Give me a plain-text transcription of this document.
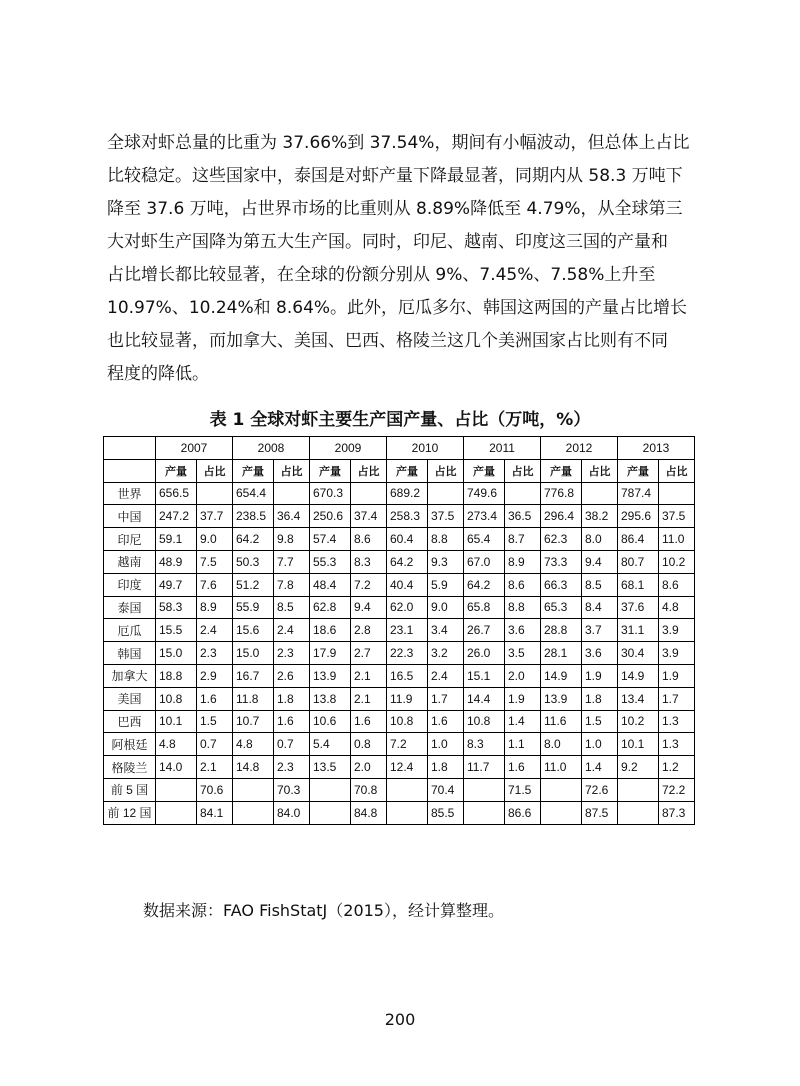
全球对虾总量的比重为 37.66%到 37.54%，期间有小幅波动，但总体上占比
比较稳定。这些国家中，泰国是对虾产量下降最显著，同期内从 58.3 万吨下
降至 37.6 万吨，占世界市场的比重则从 8.89%降低至 4.79%，从全球第三
大对虾生产国降为第五大生产国。同时，印尼、越南、印度这三国的产量和
占比增长都比较显著，在全球的份额分别从 9%、7.45%、7.58%上升至
10.97%、10.24%和 8.64%。此外，厄瓜多尔、韩国这两国的产量占比增长
也比较显著，而加拿大、美国、巴西、格陵兰这几个美洲国家占比则有不同
程度的降低。
表 1 全球对虾主要生产国产量、占比（万吨，%）
	2007		2008		2009		2010		2011		2012		2013	
	产量	占比	产量	占比	产量	占比	产量	占比	产量	占比	产量	占比	产量	占比
世界	656.5		654.4		670.3		689.2		749.6		776.8		787.4	
中国	247.2	37.7	238.5	36.4	250.6	37.4	258.3	37.5	273.4	36.5	296.4	38.2	295.6	37.5
印尼	59.1	9.0	64.2	9.8	57.4	8.6	60.4	8.8	65.4	8.7	62.3	8.0	86.4	11.0
越南	48.9	7.5	50.3	7.7	55.3	8.3	64.2	9.3	67.0	8.9	73.3	9.4	80.7	10.2
印度	49.7	7.6	51.2	7.8	48.4	7.2	40.4	5.9	64.2	8.6	66.3	8.5	68.1	8.6
泰国	58.3	8.9	55.9	8.5	62.8	9.4	62.0	9.0	65.8	8.8	65.3	8.4	37.6	4.8
厄瓜	15.5	2.4	15.6	2.4	18.6	2.8	23.1	3.4	26.7	3.6	28.8	3.7	31.1	3.9
韩国	15.0	2.3	15.0	2.3	17.9	2.7	22.3	3.2	26.0	3.5	28.1	3.6	30.4	3.9
加拿大	18.8	2.9	16.7	2.6	13.9	2.1	16.5	2.4	15.1	2.0	14.9	1.9	14.9	1.9
美国	10.8	1.6	11.8	1.8	13.8	2.1	11.9	1.7	14.4	1.9	13.9	1.8	13.4	1.7
巴西	10.1	1.5	10.7	1.6	10.6	1.6	10.8	1.6	10.8	1.4	11.6	1.5	10.2	1.3
阿根廷	4.8	0.7	4.8	0.7	5.4	0.8	7.2	1.0	8.3	1.1	8.0	1.0	10.1	1.3
格陵兰	14.0	2.1	14.8	2.3	13.5	2.0	12.4	1.8	11.7	1.6	11.0	1.4	9.2	1.2
前 5 国		70.6		70.3		70.8		70.4		71.5		72.6		72.2
前 12 国		84.1		84.0		84.8		85.5		86.6		87.5		87.3
数据来源：FAO FishStatJ（2015），经计算整理。
200
